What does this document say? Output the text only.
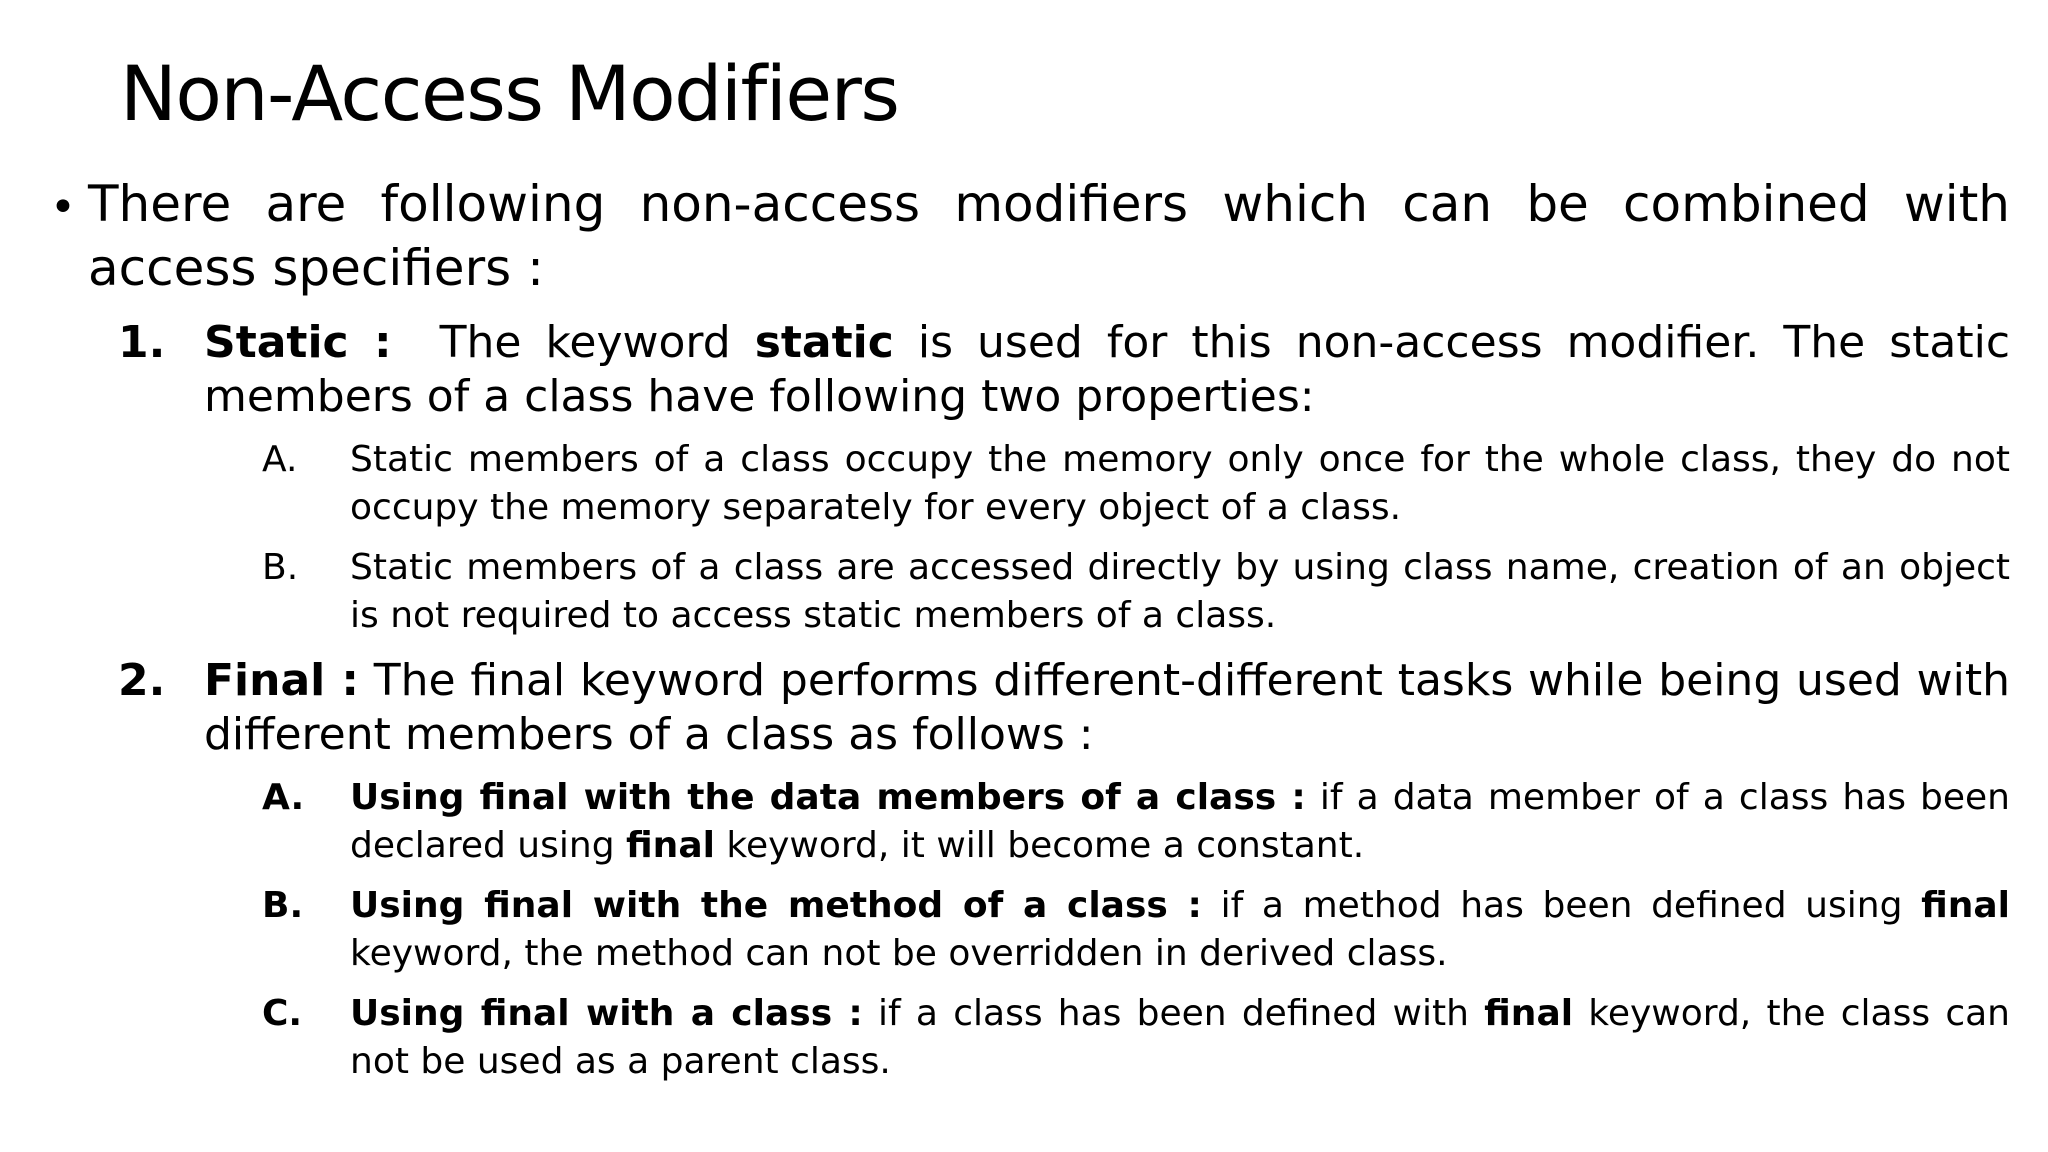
Non-Access Modifiers
• There are following non-access modifiers which can be combined with access specifiers :
1. Static :  The keyword static is used for this non-access modifier. The static members of a class have following two properties:
A. Static members of a class occupy the memory only once for the whole class, they do not occupy the memory separately for every object of a class.
B. Static members of a class are accessed directly by using class name, creation of an object is not required to access static members of a class.
2. Final : The final keyword performs different-different tasks while being used with different members of a class as follows :
A. Using final with the data members of a class : if a data member of a class has been declared using final keyword, it will become a constant.
B. Using final with the method of a class : if a method has been defined using final keyword, the method can not be overridden in derived class.
C. Using final with a class : if a class has been defined with final keyword, the class can not be used as a parent class.
